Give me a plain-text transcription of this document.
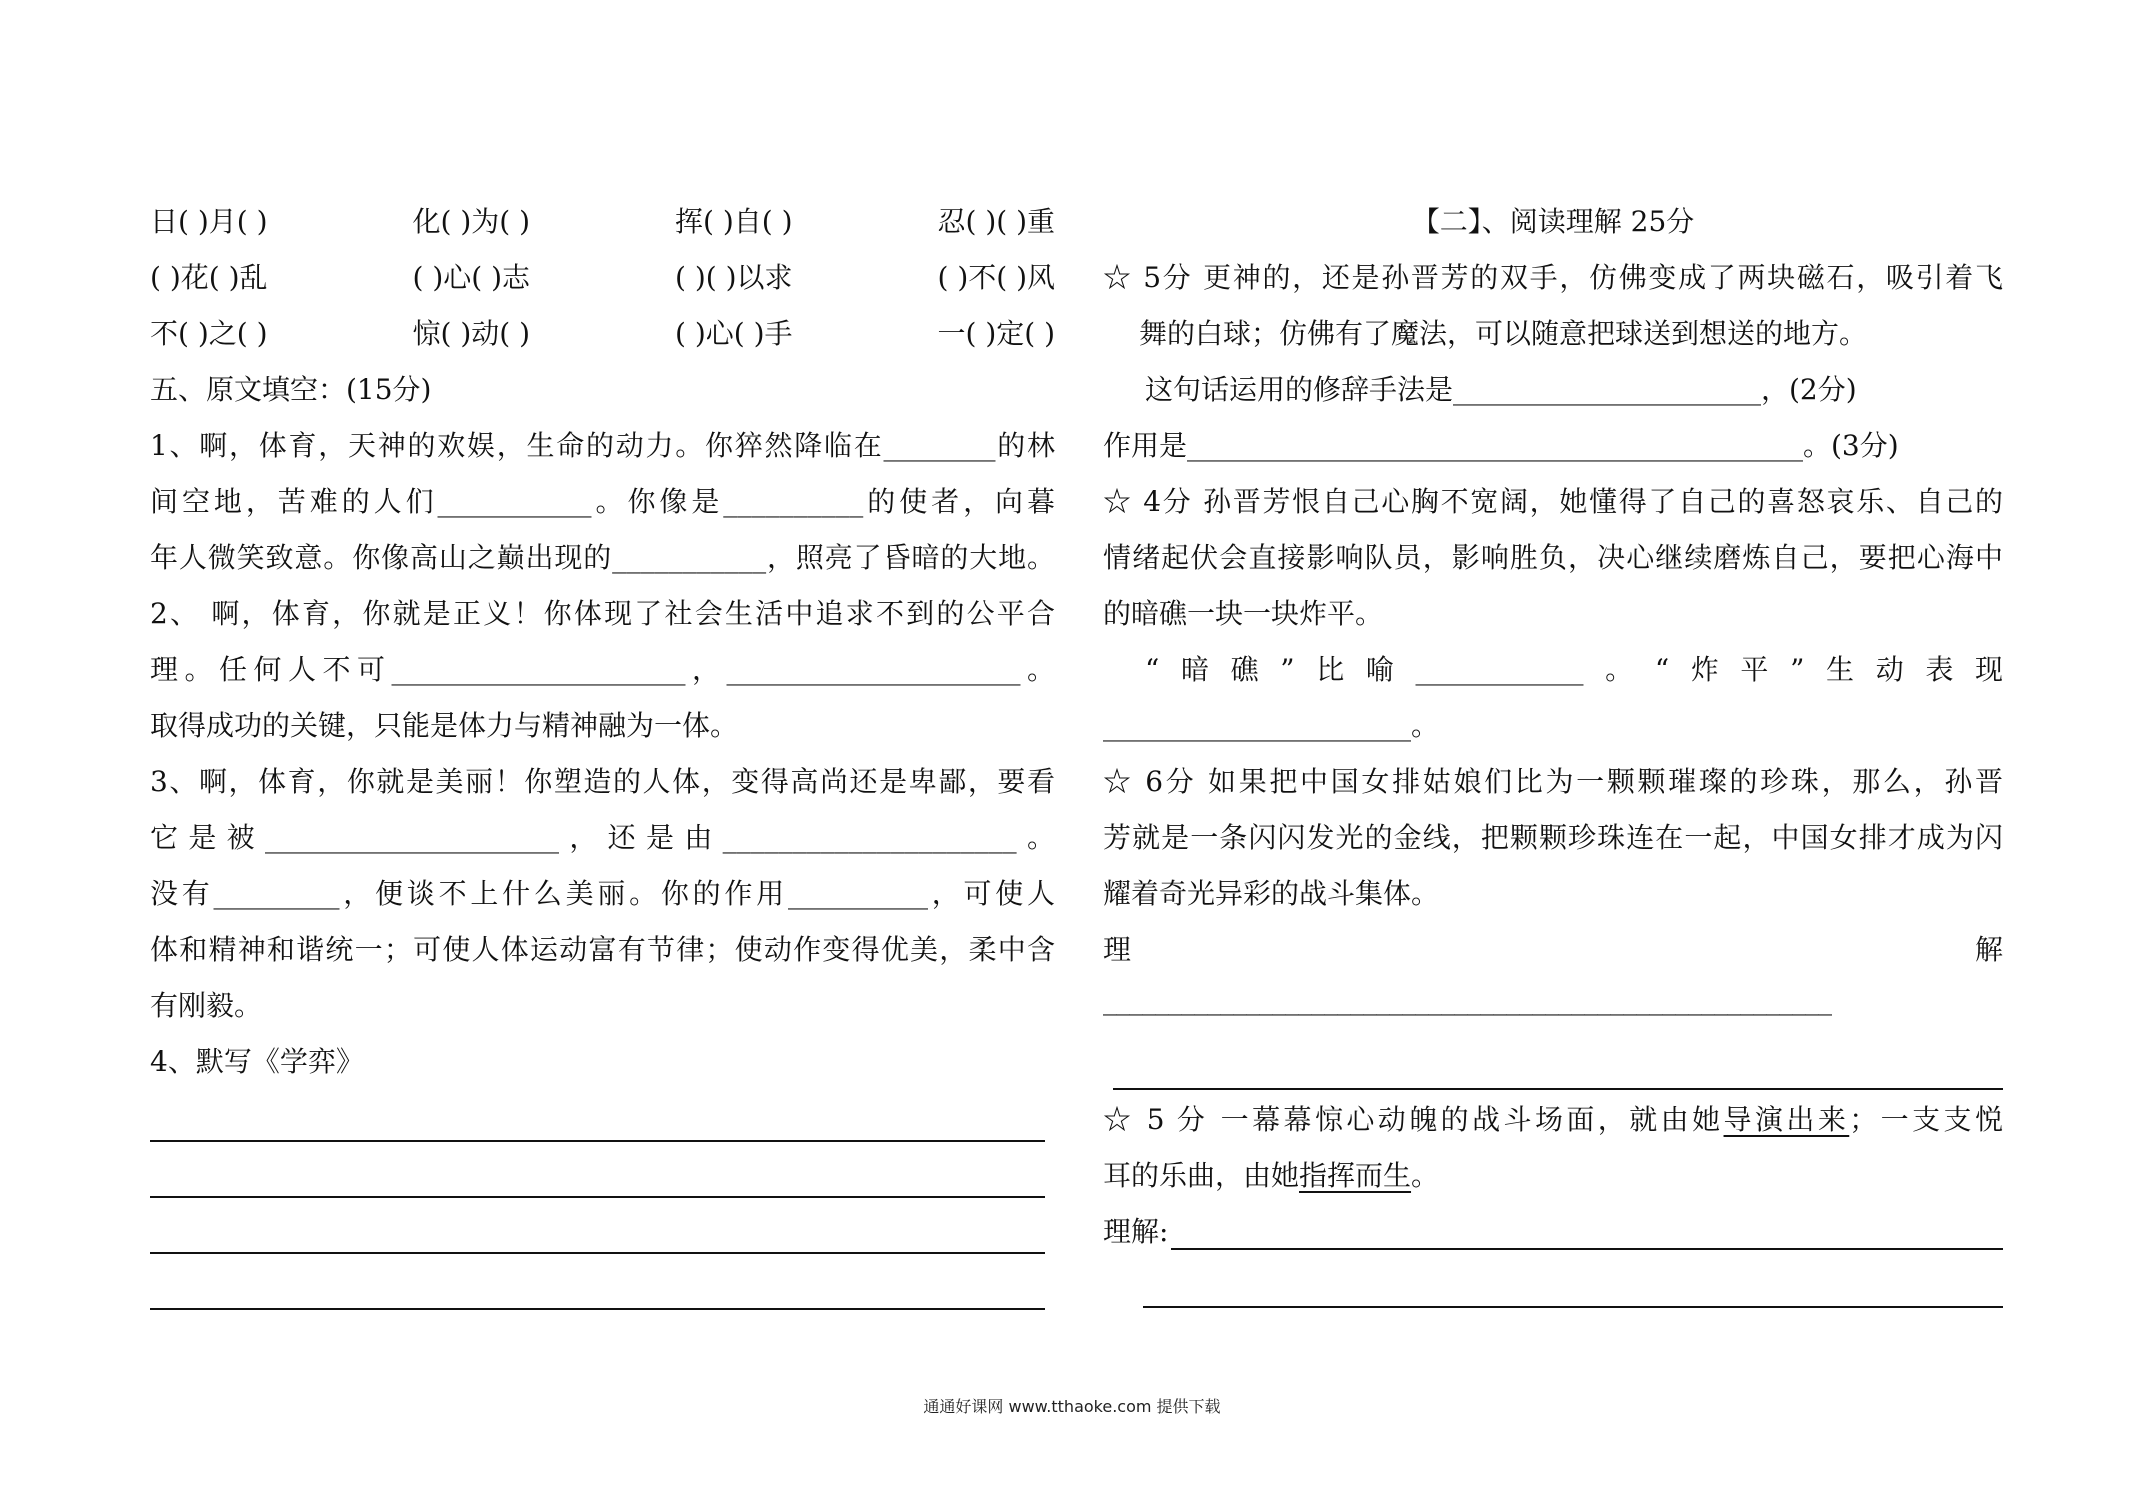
日( )月( )	化( )为( )	挥( )自( )	忍( )( )重
( )花( )乱	( )心( )志	( )( )以求	( )不( )风
不( )之( )	惊( )动( )	( )心( )手	一( )定( )
五、原文填空：(15分)
1、啊，体育，天神的欢娱，生命的动力。你猝然降临在________的林
间空地，苦难的人们___________。你像是__________的使者，向暮
年人微笑致意。你像高山之巅出现的___________，照亮了昏暗的大地。
2、 啊，体育，你就是正义！你体现了社会生活中追求不到的公平合
理。任何人不可_____________________，_____________________。
取得成功的关键，只能是体力与精神融为一体。
3、啊，体育，你就是美丽！你塑造的人体，变得高尚还是卑鄙，要看
它是被_____________________，还是由_____________________。
没有_________，便谈不上什么美丽。你的作用__________，可使人
体和精神和谐统一；可使人体运动富有节律；使动作变得优美，柔中含
有刚毅。
4、默写《学弈》
【二】、阅读理解 25分
☆ 5分 更神的，还是孙晋芳的双手，仿佛变成了两块磁石，吸引着飞
舞的白球；仿佛有了魔法，可以随意把球送到想送的地方。
这句话运用的修辞手法是______________________，(2分)
作用是____________________________________________。(3分)
☆ 4分 孙晋芳恨自己心胸不宽阔，她懂得了自己的喜怒哀乐、自己的
情绪起伏会直接影响队员，影响胜负，决心继续磨炼自己，要把心海中
的暗礁一块一块炸平。
“暗礁”比喻____________。“炸平”生动表现
______________________。
☆ 6分 如果把中国女排姑娘们比为一颗颗璀璨的珍珠，那么，孙晋
芳就是一条闪闪发光的金线，把颗颗珍珠连在一起，中国女排才成为闪
耀着奇光异彩的战斗集体。
理	解
________________________________________________________
☆ 5 分 一幕幕惊心动魄的战斗场面，就由她导演出来；一支支悦
耳的乐曲，由她指挥而生。
理解:
通通好课网 www.tthaoke.com 提供下载
